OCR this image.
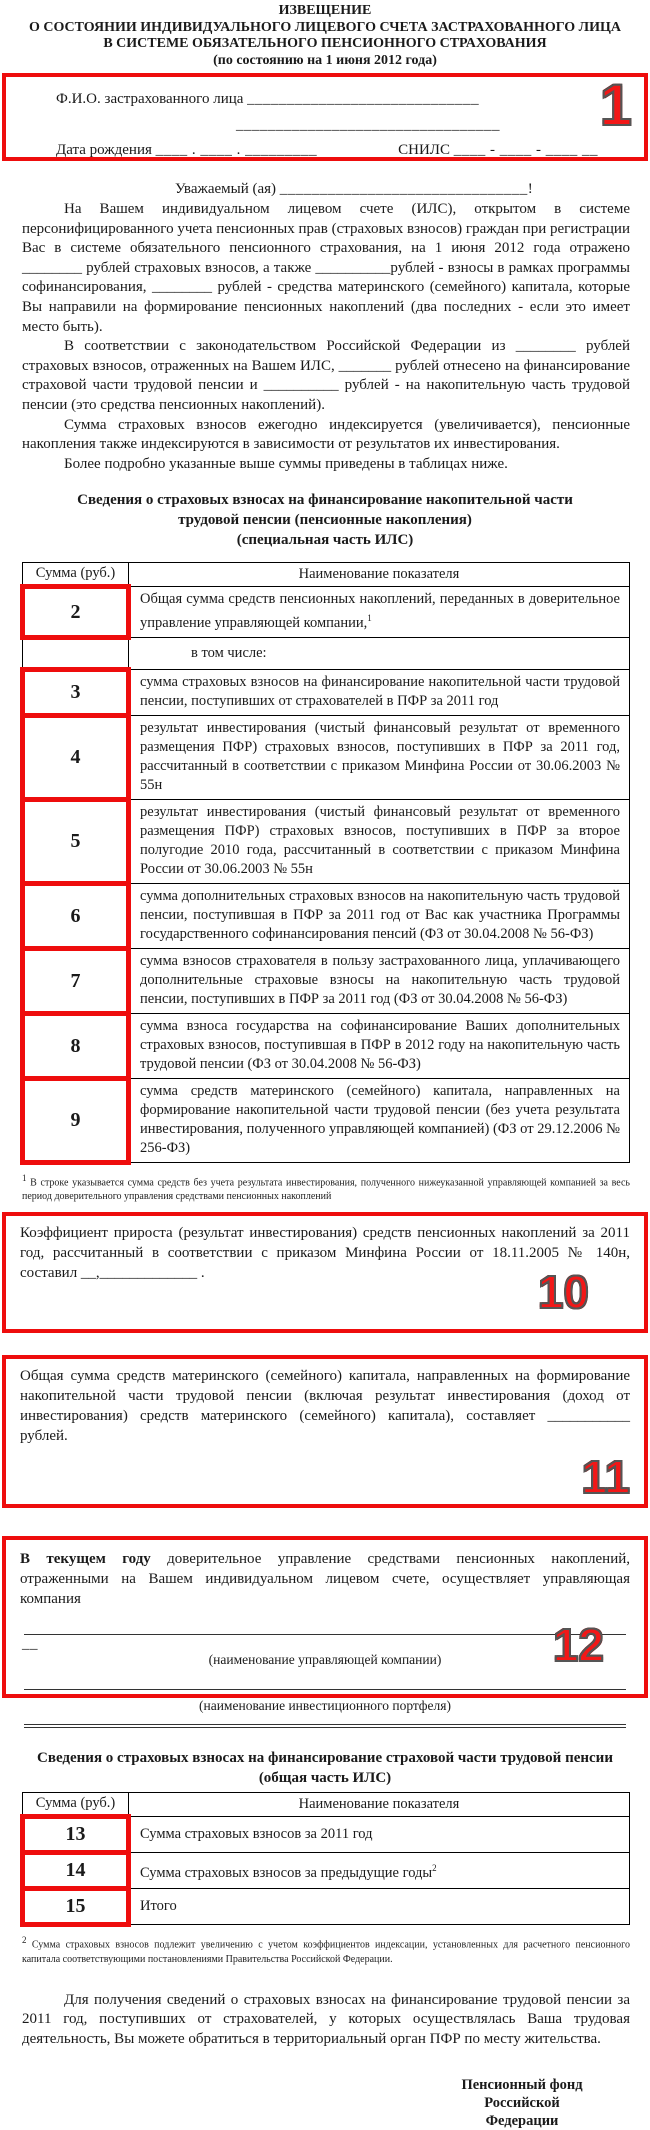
ИЗВЕЩЕНИЕ
О СОСТОЯНИИ ИНДИВИДУАЛЬНОГО ЛИЦЕВОГО СЧЕТА ЗАСТРАХОВАННОГО ЛИЦА
В СИСТЕМЕ ОБЯЗАТЕЛЬНОГО ПЕНСИОННОГО СТРАХОВАНИЯ
(по состоянию на 1 июня 2012 года)
Ф.И.О. застрахованного лица _____________________________
_________________________________
Дата рождения ____ . ____ . _________	СНИЛС ____ - ____ - ____ __
1
Уважаемый (ая) _______________________________!

На Вашем индивидуальном лицевом счете (ИЛС), открытом в системе персонифицированного учета пенсионных прав (страховых взносов) граждан при регистрации Вас в системе обязательного пенсионного страхования, на 1 июня 2012 года отражено ________ рублей страховых взносов, а также __________рублей - взносы в рамках программы софинансирования, ________ рублей - средства материнского (семейного) капитала, которые Вы направили на формирование пенсионных накоплений (два последних - если это имеет место быть).

В соответствии с законодательством Российской Федерации из ________ рублей страховых взносов, отраженных на Вашем ИЛС, _______ рублей отнесено на финансирование страховой части трудовой пенсии и __________ рублей - на накопительную часть трудовой пенсии (это средства пенсионных накоплений).

Сумма страховых взносов ежегодно индексируется (увеличивается), пенсионные накопления также индексируются в зависимости от результатов их инвестирования.

Более подробно указанные выше суммы приведены в таблицах ниже.

Сведения о страховых взносах на финансирование накопительной части
трудовой пенсии (пенсионные накопления)
(специальная часть ИЛС)
Сумма (руб.)	Наименование показателя
2	Общая сумма средств пенсионных накоплений, переданных в доверительное управление управляющей компании,$^1$
	в том числе:
3	сумма страховых взносов на финансирование накопительной части трудовой пенсии, поступивших от страхователей в ПФР за 2011 год
4	результат инвестирования (чистый финансовый результат от временного размещения ПФР) страховых взносов, поступивших в ПФР за 2011 год, рассчитанный в соответствии с приказом Минфина России от 30.06.2003 № 55н
5	результат инвестирования (чистый финансовый результат от временного размещения ПФР) страховых взносов, поступивших в ПФР за второе полугодие 2010 года, рассчитанный в соответствии с приказом Минфина России от 30.06.2003 № 55н
6	сумма дополнительных страховых взносов на накопительную часть трудовой пенсии, поступившая в ПФР за 2011 год от Вас как участника Программы государственного софинансирования пенсий (ФЗ от 30.04.2008 № 56-ФЗ)
7	сумма взносов страхователя в пользу застрахованного лица, уплачивающего дополнительные страховые взносы на накопительную часть трудовой пенсии, поступивших в ПФР за 2011 год (ФЗ от 30.04.2008 № 56-ФЗ)
8	сумма взноса государства на софинансирование Ваших дополнительных страховых взносов, поступившая в ПФР в 2012 году на накопительную часть трудовой пенсии (ФЗ от 30.04.2008 № 56-ФЗ)
9	сумма средств материнского (семейного) капитала, направленных на формирование накопительной части трудовой пенсии (без учета результата инвестирования, полученного управляющей компанией) (ФЗ от 29.12.2006 № 256-ФЗ)
$^1$ В строке указывается сумма средств без учета результата инвестирования, полученного нижеуказанной управляющей компанией за весь период доверительного управления средствами пенсионных накоплений
Коэффициент прироста (результат инвестирования) средств пенсионных накоплений за 2011 год, рассчитанный в соответствии с приказом Минфина России от 18.11.2005 № 140н, составил __,_____________ .	10
Общая сумма средств материнского (семейного) капитала, направленных на формирование накопительной части трудовой пенсии (включая результат инвестирования (доход от инвестирования) средств материнского (семейного) капитала), составляет ___________ рублей.
11
В текущем году доверительное управление средствами пенсионных накоплений, отраженными на Вашем индивидуальном лицевом счете, осуществляет управляющая компания
__
(наименование управляющей компании)
(наименование инвестиционного портфеля)
12
Сведения о страховых взносах на финансирование страховой части трудовой пенсии
(общая часть ИЛС)
Сумма (руб.)	Наименование показателя
13	Сумма страховых взносов за 2011 год
14	Сумма страховых взносов за предыдущие годы$^2$
15	Итого
$^2$ Сумма страховых взносов подлежит увеличению с учетом коэффициентов индексации, установленных для расчетного пенсионного капитала соответствующими постановлениями Правительства Российской Федерации.

Для получения сведений о страховых взносах на финансирование трудовой пенсии за 2011 год, поступивших от страхователей, у которых осуществлялась Ваша трудовая деятельность, Вы можете обратиться в территориальный орган ПФР по месту жительства.

Пенсионный фонд
Российской
Федерации
